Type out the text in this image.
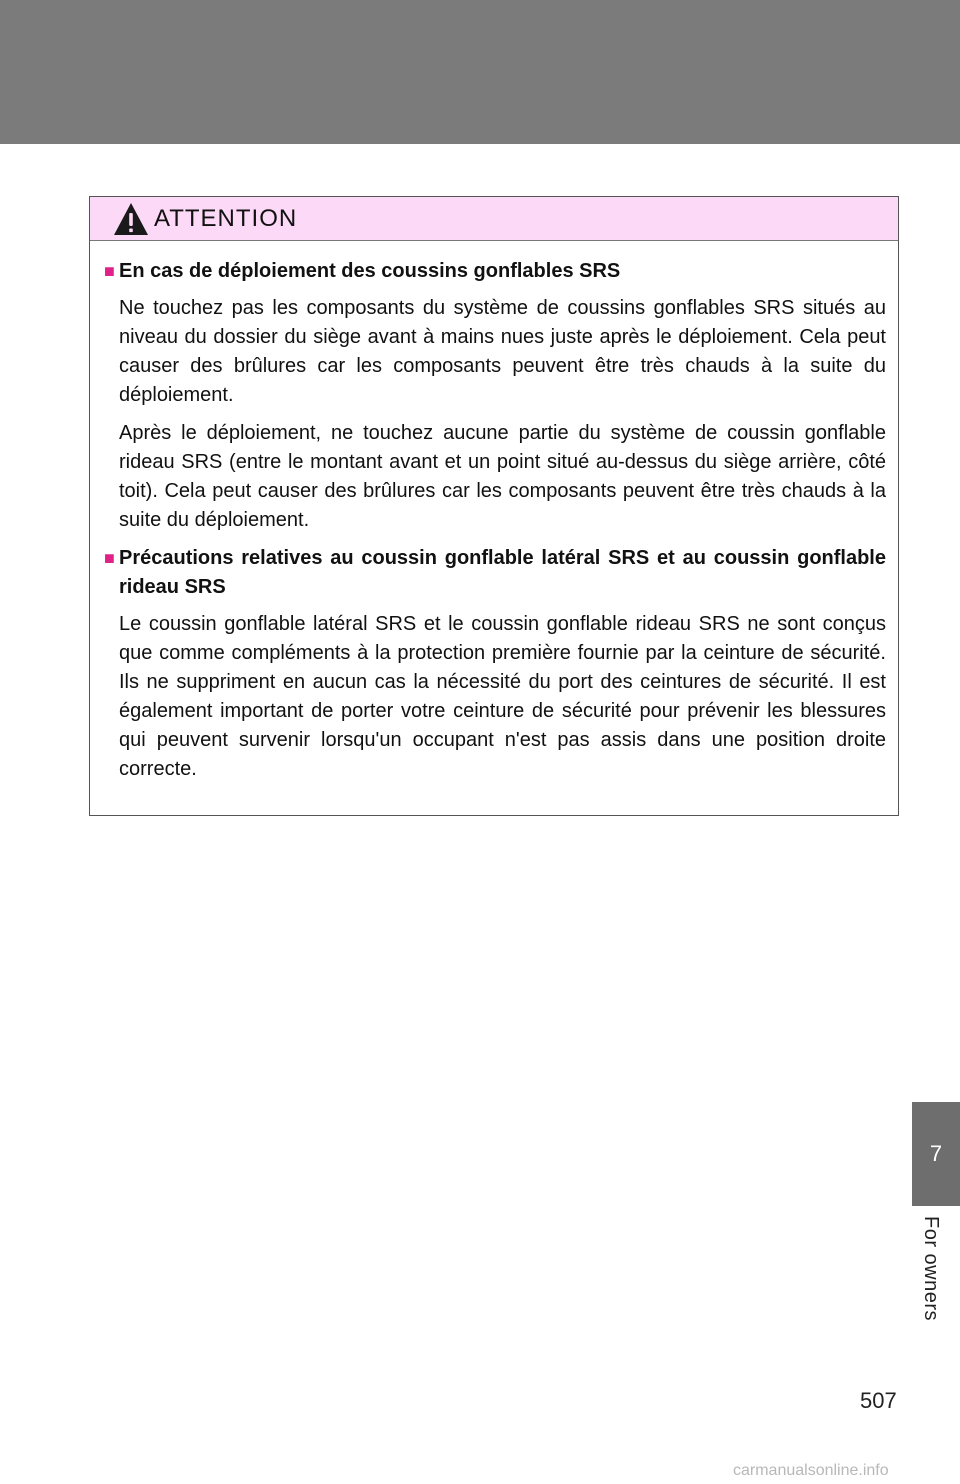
ATTENTION
■ En cas de déploiement des coussins gonflables SRS

Ne touchez pas les composants du système de coussins gonflables SRS situés au niveau du dossier du siège avant à mains nues juste après le déploiement. Cela peut causer des brûlures car les composants peuvent être très chauds à la suite du déploiement.

Après le déploiement, ne touchez aucune partie du système de coussin gonflable rideau SRS (entre le montant avant et un point situé au-dessus du siège arrière, côté toit). Cela peut causer des brûlures car les composants peuvent être très chauds à la suite du déploiement.

■ Précautions relatives au coussin gonflable latéral SRS et au coussin gonflable rideau SRS

Le coussin gonflable latéral SRS et le coussin gonflable rideau SRS ne sont conçus que comme compléments à la protection première fournie par la ceinture de sécurité. Ils ne suppriment en aucun cas la nécessité du port des ceintures de sécurité. Il est également important de porter votre ceinture de sécurité pour prévenir les blessures qui peuvent survenir lorsqu'un occupant n'est pas assis dans une position droite correcte.

7
For owners
507
carmanualsonline.info
